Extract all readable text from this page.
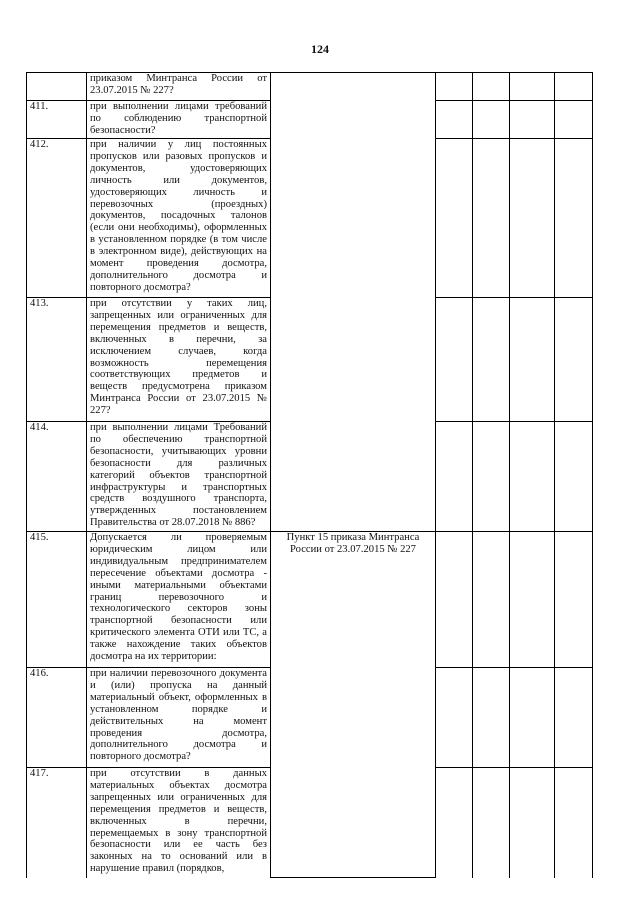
124
	приказом Минтранса России от 23.07.2015 № 227?					
411.	при выполнении лицами требований по соблюдению транспортной безопасности?					
412.	при наличии у лиц постоянных пропусков или разовых пропусков и документов, удостоверяющих личность или документов, удостоверяющих личность и перевозочных (проездных) документов, посадочных талонов (если они необходимы), оформленных в установленном порядке (в том числе в электронном виде), действующих на момент проведения досмотра, дополнительного досмотра и повторного досмотра?					
413.	при отсутствии у таких лиц, запрещенных или ограниченных для перемещения предметов и веществ, включенных в перечни, за исключением случаев, когда возможность перемещения соответствующих предметов и веществ предусмотрена приказом Минтранса России от 23.07.2015 № 227?					
414.	при выполнении лицами Требований по обеспечению транспортной безопасности, учитывающих уровни безопасности для различных категорий объектов транспортной инфраструктуры и транспортных средств воздушного транспорта, утвержденных постановлением Правительства от 28.07.2018 № 886?					
415.	Допускается ли проверяемым юридическим лицом или индивидуальным предпринимателем пересечение объектами досмотра - иными материальными объектами границ перевозочного и технологического секторов зоны транспортной безопасности или критического элемента ОТИ или ТС, а также нахождение таких объектов досмотра на их территории:	Пункт 15 приказа Минтранса России от 23.07.2015 № 227				
416.	при наличии перевозочного документа и (или) пропуска на данный материальный объект, оформленных в установленном порядке и действительных на момент проведения досмотра, дополнительного досмотра и повторного досмотра?					
417.	при отсутствии в данных материальных объектах досмотра запрещенных или ограниченных для перемещения предметов и веществ, включенных в перечни, перемещаемых в зону транспортной безопасности или ее часть без законных на то оснований или в нарушение правил (порядков,					
